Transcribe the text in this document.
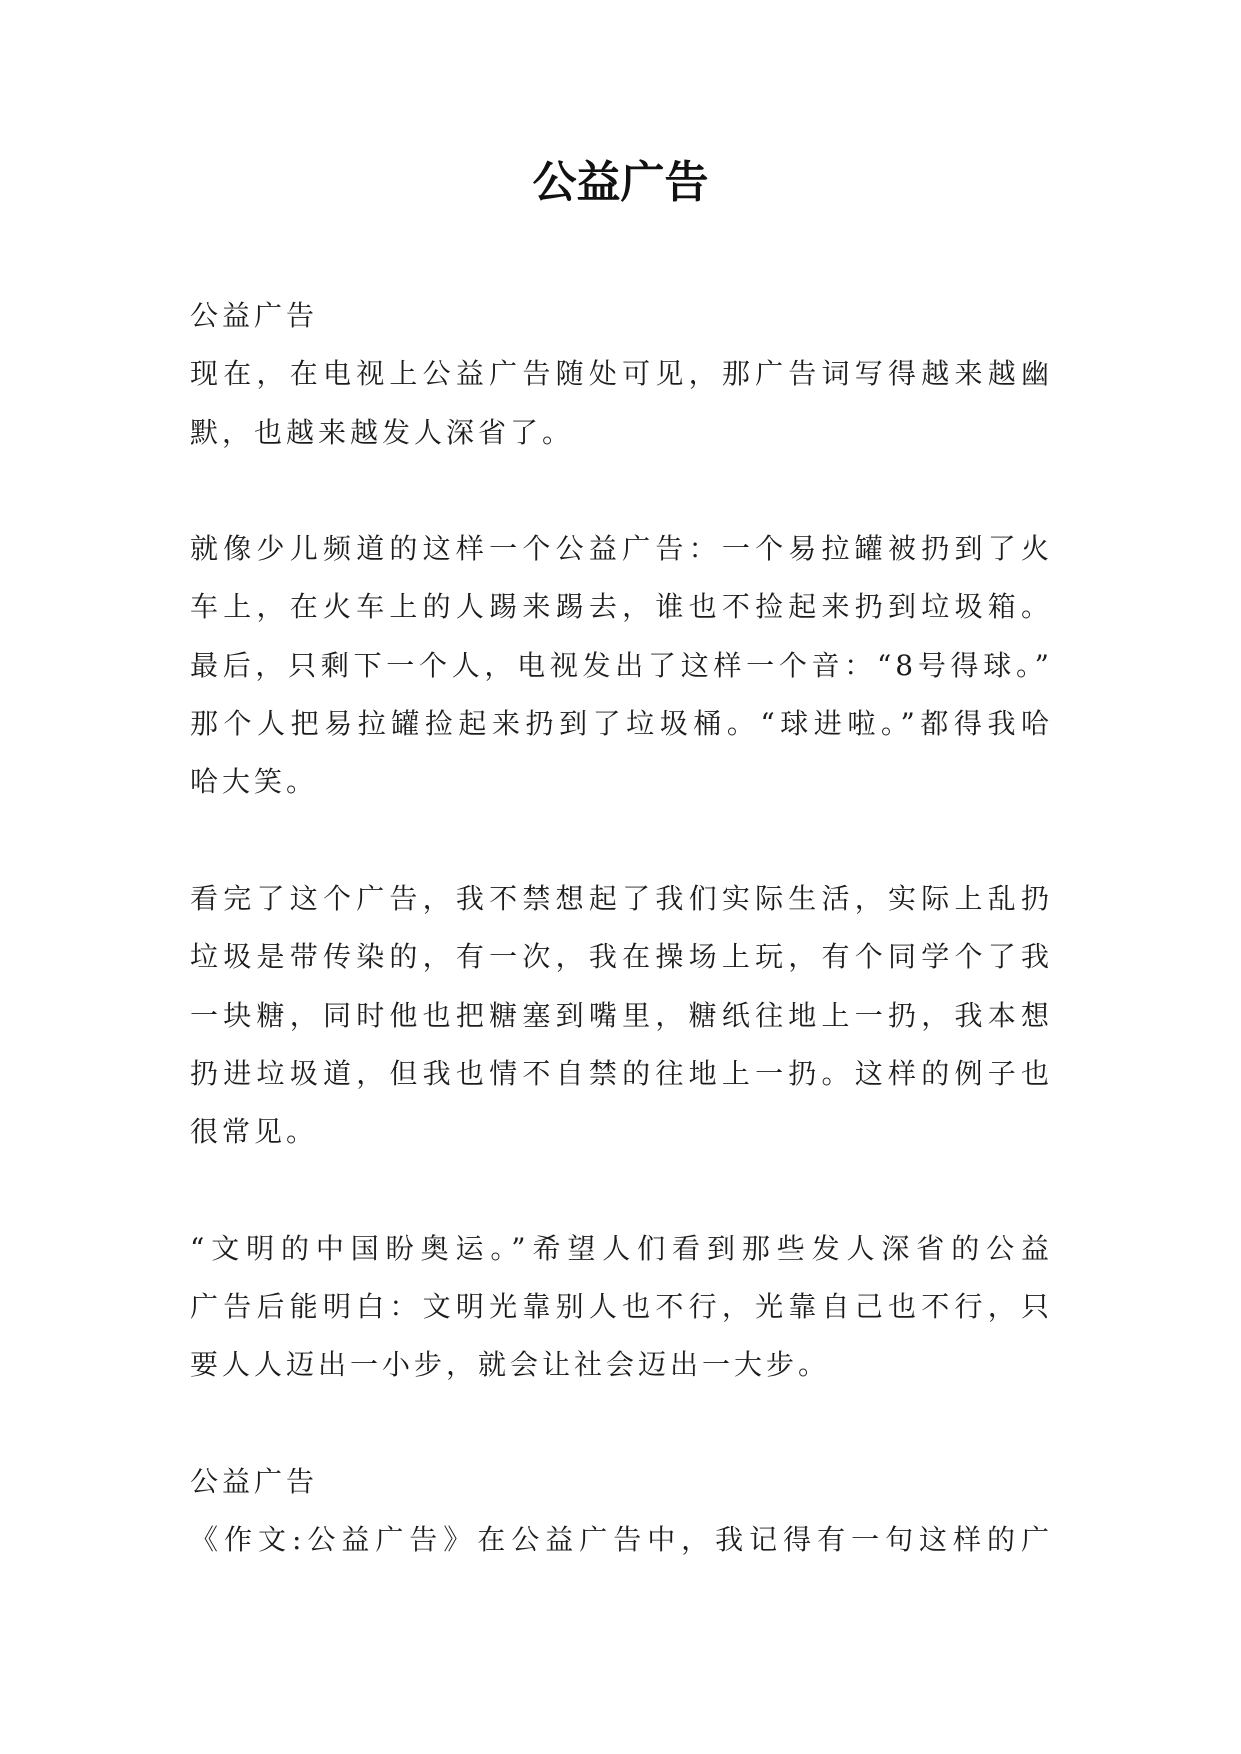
公益广告
公益广告
现在，在电视上公益广告随处可见，那广告词写得越来越幽
默，也越来越发人深省了。
就像少儿频道的这样一个公益广告：一个易拉罐被扔到了火
车上，在火车上的人踢来踢去，谁也不捡起来扔到垃圾箱。
最后，只剩下一个人，电视发出了这样一个音：“8号得球。”
那个人把易拉罐捡起来扔到了垃圾桶。“球进啦。”都得我哈
哈大笑。
看完了这个广告，我不禁想起了我们实际生活，实际上乱扔
垃圾是带传染的，有一次，我在操场上玩，有个同学个了我
一块糖，同时他也把糖塞到嘴里，糖纸往地上一扔，我本想
扔进垃圾道，但我也情不自禁的往地上一扔。这样的例子也
很常见。
“文明的中国盼奥运。”希望人们看到那些发人深省的公益
广告后能明白：文明光靠别人也不行，光靠自己也不行，只
要人人迈出一小步，就会让社会迈出一大步。
公益广告
《作文:公益广告》在公益广告中，我记得有一句这样的广
